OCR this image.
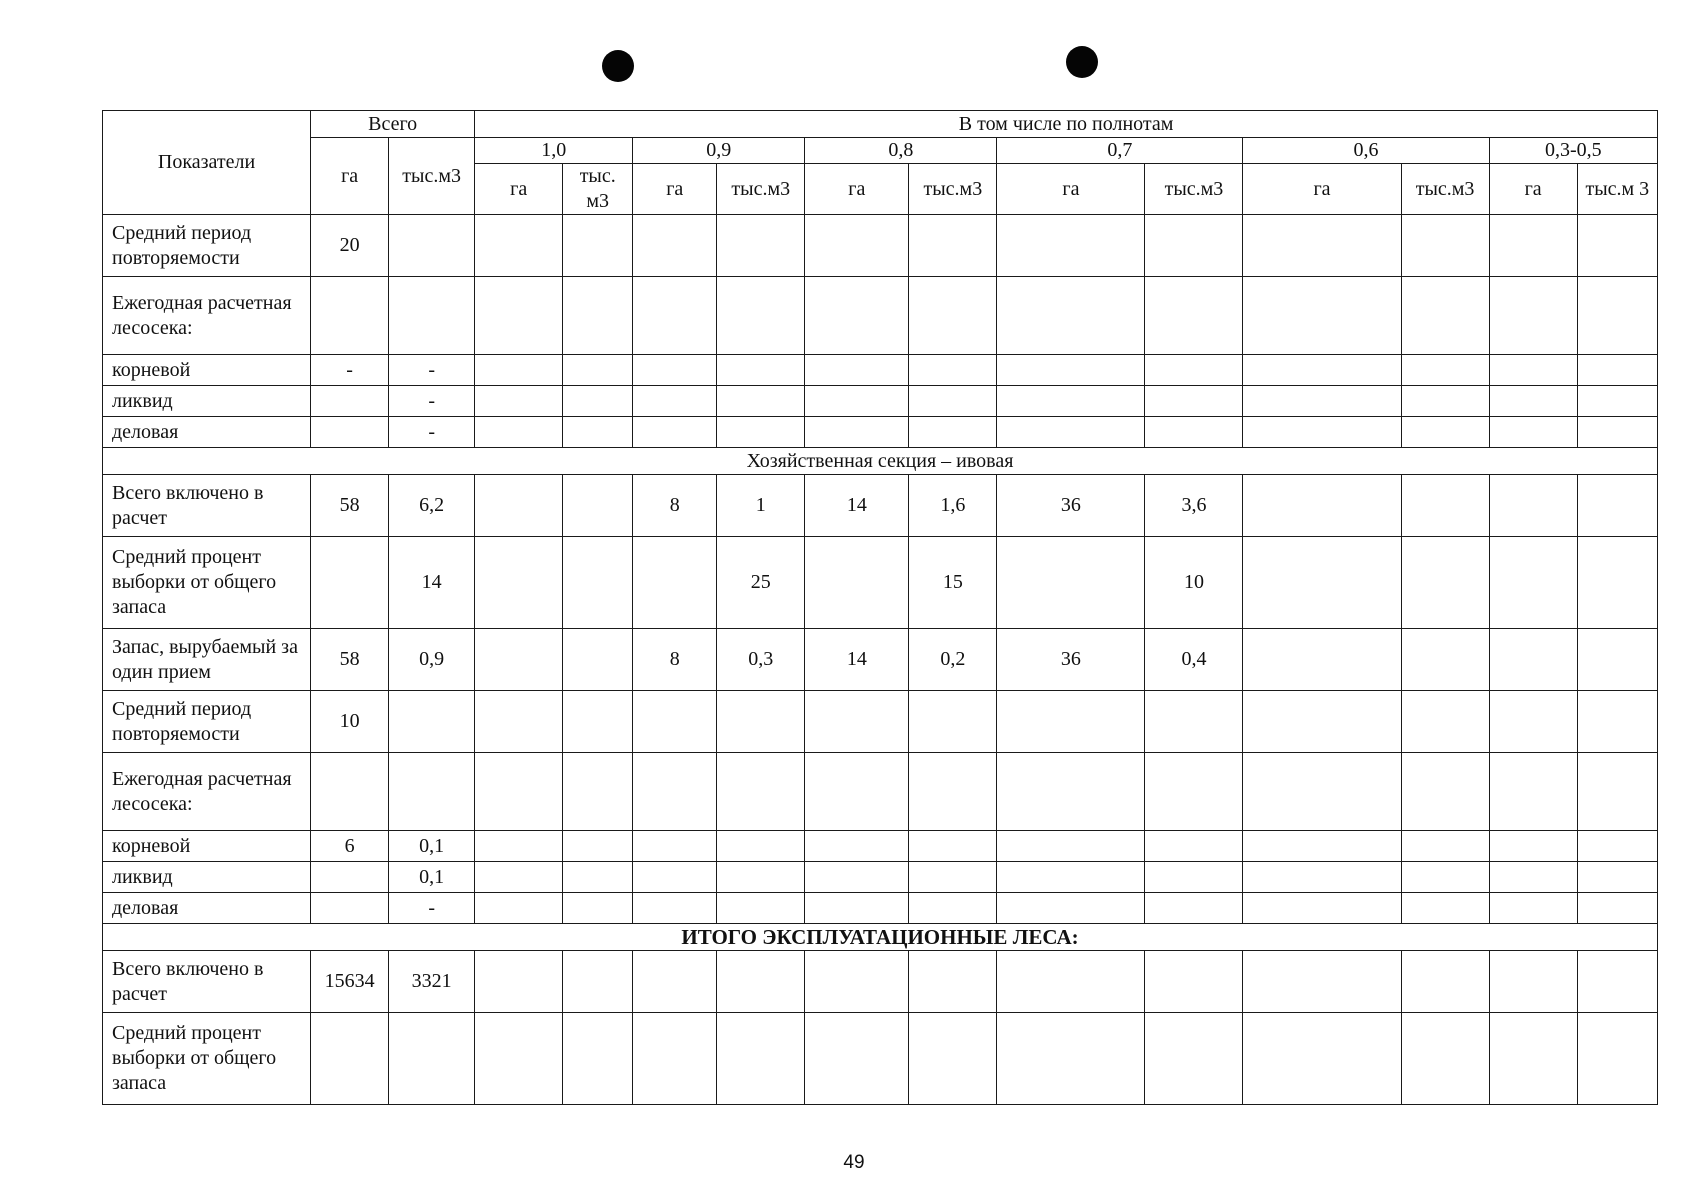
Показатели	Всего		В том числе по полнотам											
	га	тыс.м3	1,0		0,9		0,8		0,7		0,6		0,3-0,5	
			га	тыс. м3	га	тыс.м3	га	тыс.м3	га	тыс.м3	га	тыс.м3	га	тыс.м 3
Средний период повторяемости	20													
Ежегодная расчетная лесосека:														
корневой	-	-												
ликвид		-												
деловая		-												
Хозяйственная секция – ивовая														
Всего включено в расчет	58	6,2			8	1	14	1,6	36	3,6				
Средний процент выборки от общего запаса		14				25		15		10				
Запас, вырубаемый за один прием	58	0,9			8	0,3	14	0,2	36	0,4				
Средний период повторяемости	10													
Ежегодная расчетная лесосека:														
корневой	6	0,1												
ликвид		0,1												
деловая		-												
ИТОГО ЭКСПЛУАТАЦИОННЫЕ ЛЕСА:														
Всего включено в расчет	15634	3321												
Средний процент выборки от общего запаса														
49
